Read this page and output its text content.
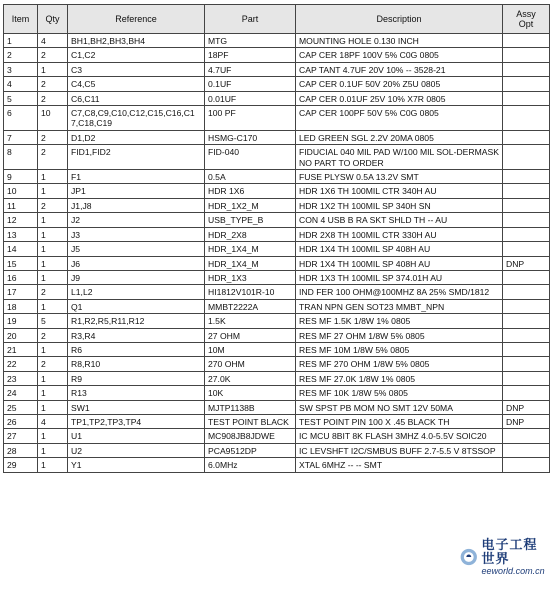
Item	Qty	Reference	Part	Description	Assy
Opt
1	4	BH1,BH2,BH3,BH4	MTG	MOUNTING HOLE 0.130 INCH	
2	2	C1,C2	18PF	CAP CER 18PF 100V 5% C0G 0805	
3	1	C3	4.7UF	CAP TANT 4.7UF 20V 10% -- 3528-21	
4	2	C4,C5	0.1UF	CAP CER 0.1UF 50V 20% Z5U 0805	
5	2	C6,C11	0.01UF	CAP CER 0.01UF 25V 10% X7R 0805	
6	10	C7,C8,C9,C10,C12,C15,C16,C17,C18,C19	100 PF	CAP CER 100PF 50V 5% C0G 0805	
7	2	D1,D2	HSMG-C170	LED GREEN SGL 2.2V 20MA 0805	
8	2	FID1,FID2	FID-040	FIDUCIAL 040 MIL PAD W/100 MIL SOL-DERMASK NO PART TO ORDER	
9	1	F1	0.5A	FUSE PLYSW 0.5A 13.2V SMT	
10	1	JP1	HDR 1X6	HDR 1X6 TH 100MIL CTR 340H AU	
11	2	J1,J8	HDR_1X2_M	HDR 1X2 TH 100MIL SP 340H SN	
12	1	J2	USB_TYPE_B	CON 4 USB B RA SKT SHLD TH -- AU	
13	1	J3	HDR_2X8	HDR 2X8 TH 100MIL CTR 330H AU	
14	1	J5	HDR_1X4_M	HDR 1X4 TH 100MIL SP 408H AU	
15	1	J6	HDR_1X4_M	HDR 1X4 TH 100MIL SP 408H AU	DNP
16	1	J9	HDR_1X3	HDR 1X3 TH 100MIL SP 374.01H AU	
17	2	L1,L2	HI1812V101R-10	IND FER 100 OHM@100MHZ 8A 25% SMD/1812	
18	1	Q1	MMBT2222A	TRAN NPN GEN SOT23 MMBT_NPN	
19	5	R1,R2,R5,R11,R12	1.5K	RES MF 1.5K 1/8W 1% 0805	
20	2	R3,R4	27 OHM	RES MF 27 OHM 1/8W 5% 0805	
21	1	R6	10M	RES MF 10M 1/8W 5% 0805	
22	2	R8,R10	270 OHM	RES MF 270 OHM 1/8W 5% 0805	
23	1	R9	27.0K	RES MF 27.0K 1/8W 1% 0805	
24	1	R13	10K	RES MF 10K 1/8W 5% 0805	
25	1	SW1	MJTP1138B	SW SPST PB MOM NO SMT 12V 50MA	DNP
26	4	TP1,TP2,TP3,TP4	TEST POINT BLACK	TEST POINT PIN 100 X .45 BLACK TH	DNP
27	1	U1	MC908JB8JDWE	IC MCU 8BIT 8K FLASH 3MHZ 4.0-5.5V SOIC20	
28	1	U2	PCA9512DP	IC LEVSHFT I2C/SMBUS BUFF 2.7-5.5 V 8TSSOP	
29	1	Y1	6.0MHz	XTAL 6MHZ -- -- SMT	
电子工程世界
eeworld.com.cn
